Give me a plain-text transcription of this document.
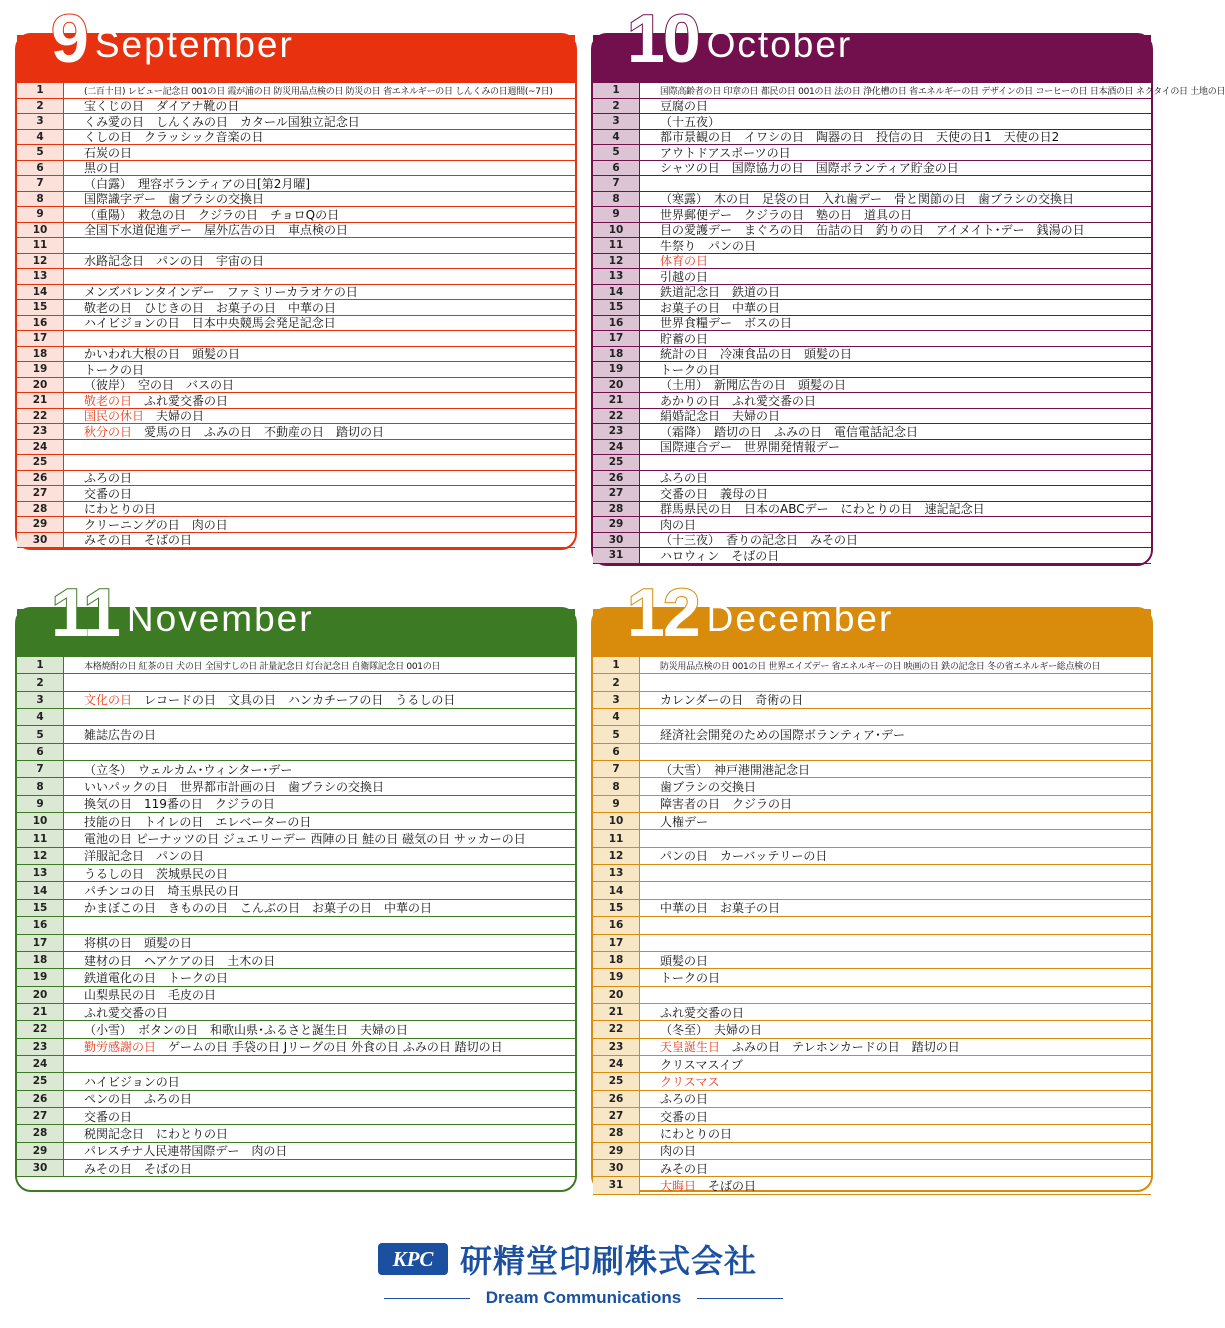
1	(二百十日) レビュー記念日 001の日 霞が浦の日 防災用品点検の日 防災の日 省エネルギーの日 しんくみの日週間(~7日)
2	宝くじの日　ダイアナ靴の日
3	くみ愛の日　しんくみの日　カタール国独立記念日
4	くしの日　クラッシック音楽の日
5	石炭の日
6	黒の日
7	（白露）　理容ボランティアの日[第2月曜]
8	国際識字デー　歯ブラシの交換日
9	（重陽）　救急の日　クジラの日　チョロQの日
10	全国下水道促進デー　屋外広告の日　車点検の日
11
12	水路記念日　パンの日　宇宙の日
13
14	メンズバレンタインデー　ファミリーカラオケの日
15	敬老の日　ひじきの日　お菓子の日　中華の日
16	ハイビジョンの日　日本中央競馬会発足記念日
17
18	かいわれ大根の日　頭髪の日
19	トークの日
20	（彼岸）　空の日　バスの日
21	敬老の日 ふれ愛交番の日
22	国民の休日 夫婦の日
23	秋分の日 愛馬の日　ふみの日　不動産の日　踏切の日
24
25
26	ふろの日
27	交番の日
28	にわとりの日
29	クリーニングの日　肉の日
30	みその日　そばの日
9 September
1	国際高齢者の日 印章の日 都民の日 001の日 法の日 浄化槽の日 省エネルギーの日 デザインの日 コーヒーの日 日本酒の日 ネクタイの日 土地の日
2	豆腐の日
3	（十五夜）
4	都市景観の日　イワシの日　陶器の日　投信の日　天使の日1　天使の日2
5	アウトドアスポーツの日
6	シャツの日　国際協力の日　国際ボランティア貯金の日
7
8	（寒露）　木の日　足袋の日　入れ歯デー　骨と関節の日　歯ブラシの交換日
9	世界郵便デー　クジラの日　塾の日　道具の日
10	目の愛護デー　まぐろの日　缶詰の日　釣りの日　アイメイト･デー　銭湯の日
11	牛祭り　パンの日
12	体育の日
13	引越の日
14	鉄道記念日　鉄道の日
15	お菓子の日　中華の日
16	世界食糧デー　ボスの日
17	貯蓄の日
18	統計の日　冷凍食品の日　頭髪の日
19	トークの日
20	（土用）　新聞広告の日　頭髪の日
21	あかりの日　ふれ愛交番の日
22	絹婚記念日　夫婦の日
23	（霜降）　踏切の日　ふみの日　電信電話記念日
24	国際連合デー　世界開発情報デー
25
26	ふろの日
27	交番の日　義母の日
28	群馬県民の日　日本のABCデー　にわとりの日　速記記念日
29	肉の日
30	（十三夜）　香りの記念日　みその日
31	ハロウィン　そばの日
10 October
1	本格焼酎の日 紅茶の日 犬の日 全国すしの日 計量記念日 灯台記念日 自衛隊記念日 001の日
2
3	文化の日 レコードの日　文具の日　ハンカチーフの日　うるしの日
4
5	雑誌広告の日
6
7	（立冬）　ウェルカム･ウィンター･デー
8	いいパックの日　世界都市計画の日　歯ブラシの交換日
9	換気の日　119番の日　クジラの日
10	技能の日　トイレの日　エレベーターの日
11	電池の日 ピーナッツの日 ジュエリーデー 西陣の日 鮭の日 磁気の日 サッカーの日
12	洋服記念日　パンの日
13	うるしの日　茨城県民の日
14	パチンコの日　埼玉県民の日
15	かまぼこの日　きものの日　こんぶの日　お菓子の日　中華の日
16
17	将棋の日　頭髪の日
18	建材の日　ヘアケアの日　土木の日
19	鉄道電化の日　トークの日
20	山梨県民の日　毛皮の日
21	ふれ愛交番の日
22	（小雪）　ボタンの日　和歌山県･ふるさと誕生日　夫婦の日
23	勤労感謝の日 ゲームの日 手袋の日 Jリーグの日 外食の日 ふみの日 踏切の日
24
25	ハイビジョンの日
26	ペンの日　ふろの日
27	交番の日
28	税関記念日　にわとりの日
29	パレスチナ人民連帯国際デー　肉の日
30	みその日　そばの日
11 November
1	防災用品点検の日 001の日 世界エイズデー 省エネルギーの日 映画の日 鉄の記念日 冬の省エネルギー総点検の日
2
3	カレンダーの日　奇術の日
4
5	経済社会開発のための国際ボランティア･デー
6
7	（大雪）　神戸港開港記念日
8	歯ブラシの交換日
9	障害者の日　クジラの日
10	人権デー
11
12	パンの日　カーバッテリーの日
13
14
15	中華の日　お菓子の日
16
17
18	頭髪の日
19	トークの日
20
21	ふれ愛交番の日
22	（冬至）　夫婦の日
23	天皇誕生日 ふみの日　テレホンカードの日　踏切の日
24	クリスマスイブ
25	クリスマス
26	ふろの日
27	交番の日
28	にわとりの日
29	肉の日
30	みその日
31	大晦日 そばの日
12 December
KPC 研精堂印刷株式会社
Dream Communications
